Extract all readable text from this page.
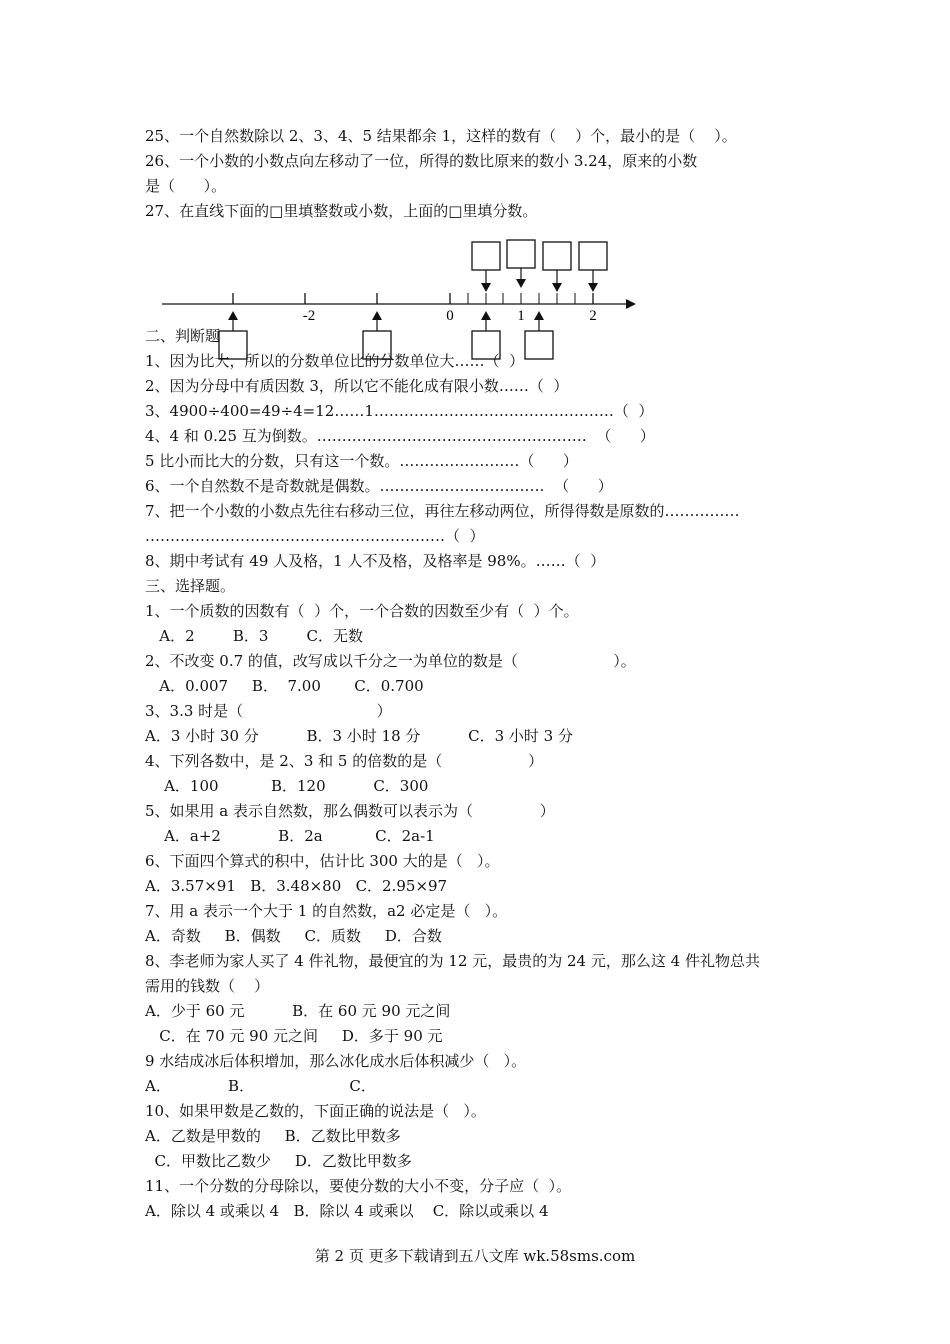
25、一个自然数除以 2、3、4、5 结果都余 1，这样的数有（    ）个，最小的是（    ）。
26、一个小数的小数点向左移动了一位，所得的数比原来的数小 3.24，原来的小数
是（      ）。
27、在直线下面的□里填整数或小数，上面的□里填分数。
-2	0	1	2
二、判断题
1、因为比大，所以的分数单位比的分数单位大……（  ）
2、因为分母中有质因数 3，所以它不能化成有限小数……（  ）
3、4900÷400=49÷4=12……1…………………………………………（  ）
4、4 和 0.25 互为倒数。………………………………………………  （      ）
5 比小而比大的分数，只有这一个数。……………………（      ）
6、一个自然数不是奇数就是偶数。……………………………  （      ）
7、把一个小数的小数点先往右移动三位，再往左移动两位，所得得数是原数的……………
……………………………………………………（  ）
8、期中考试有 49 人及格，1 人不及格，及格率是 98%。……（  ）
三、选择题。
1、一个质数的因数有（  ）个，一个合数的因数至少有（  ）个。
A．2        B．3        C．无数
2、不改变 0.7 的值，改写成以千分之一为单位的数是（                    ）。
A．0.007     B．  7.00       C．0.700
3、3.3 时是（                            ）
A．3 小时 30 分          B．3 小时 18 分          C．3 小时 3 分
4、下列各数中，是 2、3 和 5 的倍数的是（                  ）
A．100           B．120          C．300
5、如果用 a 表示自然数，那么偶数可以表示为（              ）
A．a+2            B．2a           C．2a-1
6、下面四个算式的积中，估计比 300 大的是（   ）。
A．3.57×91   B．3.48×80   C．2.95×97
7、用 a 表示一个大于 1 的自然数，a2 必定是（   ）。
A．奇数     B．偶数     C．质数     D．合数
8、李老师为家人买了 4 件礼物，最便宜的为 12 元，最贵的为 24 元，那么这 4 件礼物总共
需用的钱数（    ）
A．少于 60 元          B．在 60 元 90 元之间
C．在 70 元 90 元之间     D．多于 90 元
9 水结成冰后体积增加，那么冰化成水后体积减少（   ）。
A．            B．                    C．
10、如果甲数是乙数的，下面正确的说法是（   ）。
A．乙数是甲数的     B．乙数比甲数多
C．甲数比乙数少     D．乙数比甲数多
11、一个分数的分母除以，要使分数的大小不变，分子应（  ）。
A．除以 4 或乘以 4   B．除以 4 或乘以    C．除以或乘以 4
第 2 页 更多下载请到五八文库 wk.58sms.com
